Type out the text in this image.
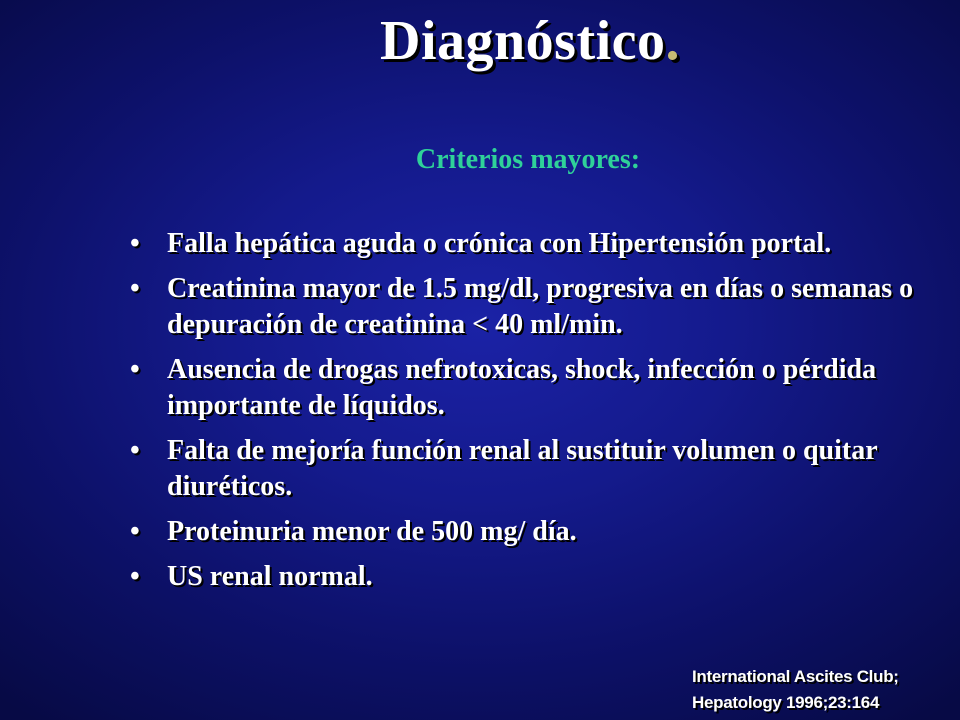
Diagnóstico.
Criterios mayores:
• Falla hepática aguda o crónica con Hipertensión portal.
• Creatinina mayor de 1.5 mg/dl, progresiva en días o semanas o depuración de creatinina < 40 ml/min.
• Ausencia de drogas nefrotoxicas, shock, infección o pérdida importante de líquidos.
• Falta de mejoría función renal al sustituir volumen o quitar diuréticos.
• Proteinuria menor de 500 mg/ día.
• US renal normal.
International Ascites Club;
Hepatology 1996;23:164
